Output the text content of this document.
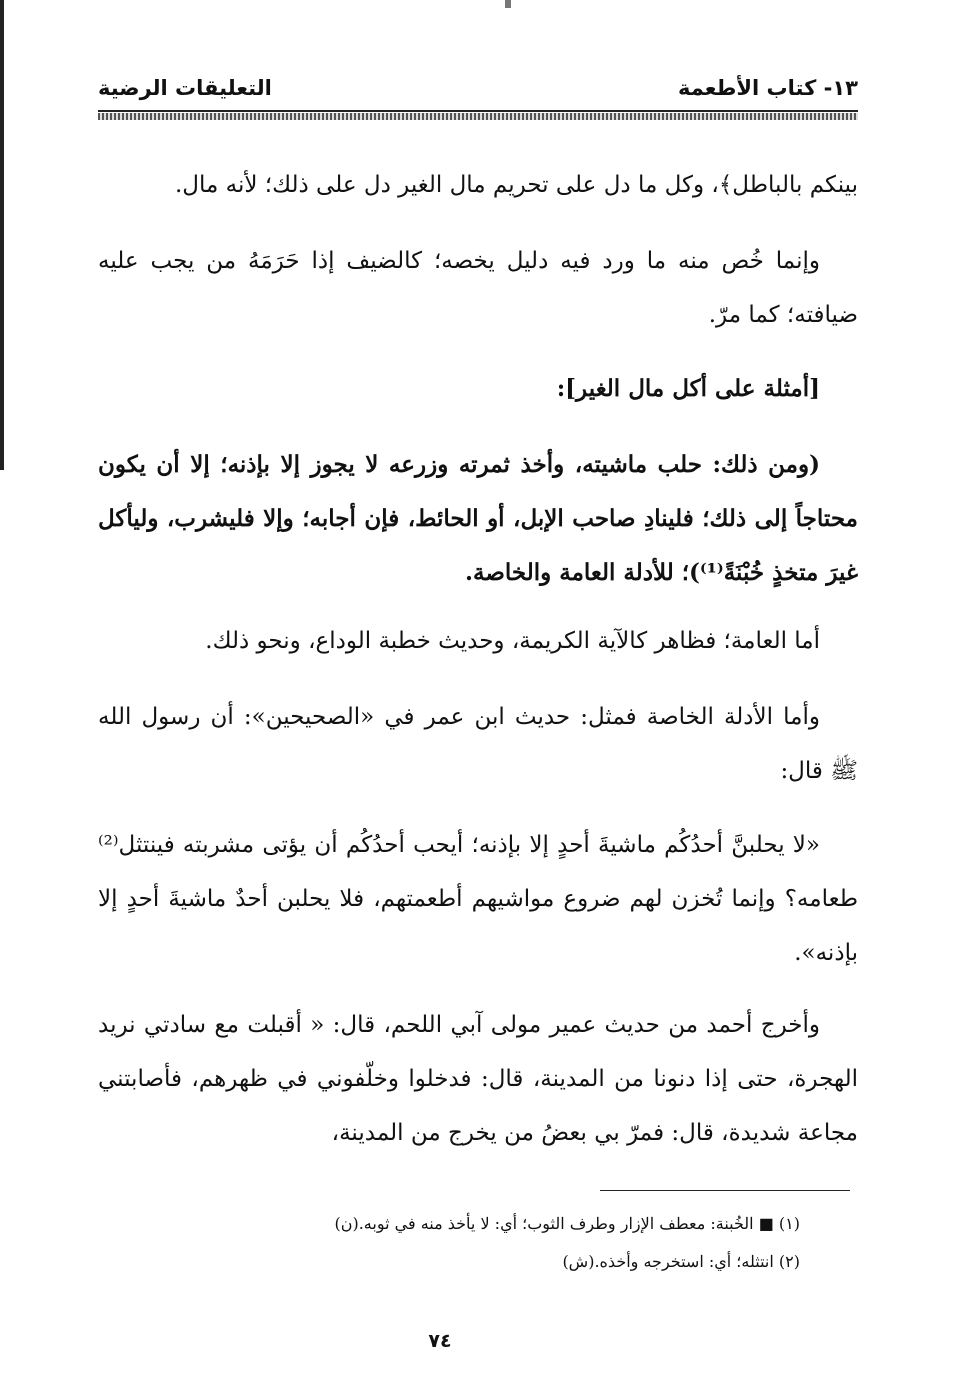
١٣- كتاب الأطعمة
التعليقات الرضية

بينكم بالباطل﴾، وكل ما دل على تحريم مال الغير دل على ذلك؛ لأنه مال.

وإنما خُص منه ما ورد فيه دليل يخصه؛ كالضيف إذا حَرَمَهُ من يجب عليه ضيافته؛ كما مرّ.

[أمثلة على أكل مال الغير]:

(ومن ذلك: حلب ماشيته، وأخذ ثمرته وزرعه لا يجوز إلا بإذنه؛ إلا أن يكون محتاجاً إلى ذلك؛ فلينادِ صاحب الإبل، أو الحائط، فإن أجابه؛ وإلا فليشرب، وليأكل غيرَ متخذٍ خُبْنَةً⁽¹⁾)؛ للأدلة العامة والخاصة.

أما العامة؛ فظاهر كالآية الكريمة، وحديث خطبة الوداع، ونحو ذلك.

وأما الأدلة الخاصة فمثل: حديث ابن عمر في «الصحيحين»: أن رسول الله ﷺ قال:

«لا يحلبنَّ أحدُكُم ماشيةَ أحدٍ إلا بإذنه؛ أيحب أحدُكُم أن يؤتى مشربته فينتثل⁽²⁾ طعامه؟ وإنما تُخزن لهم ضروع مواشيهم أطعمتهم، فلا يحلبن أحدٌ ماشيةَ أحدٍ إلا بإذنه».

وأخرج أحمد من حديث عمير مولى آبي اللحم، قال: « أقبلت مع سادتي نريد الهجرة، حتى إذا دنونا من المدينة، قال: فدخلوا وخلّفوني في ظهرهم، فأصابتني مجاعة شديدة، قال: فمرّ بي بعضُ من يخرج من المدينة،

(١) ■ الخُبنة: معطف الإزار وطرف الثوب؛ أي: لا يأخذ منه في ثوبه.(ن)

(٢) انتثله؛ أي: استخرجه وأخذه.(ش)

٧٤
